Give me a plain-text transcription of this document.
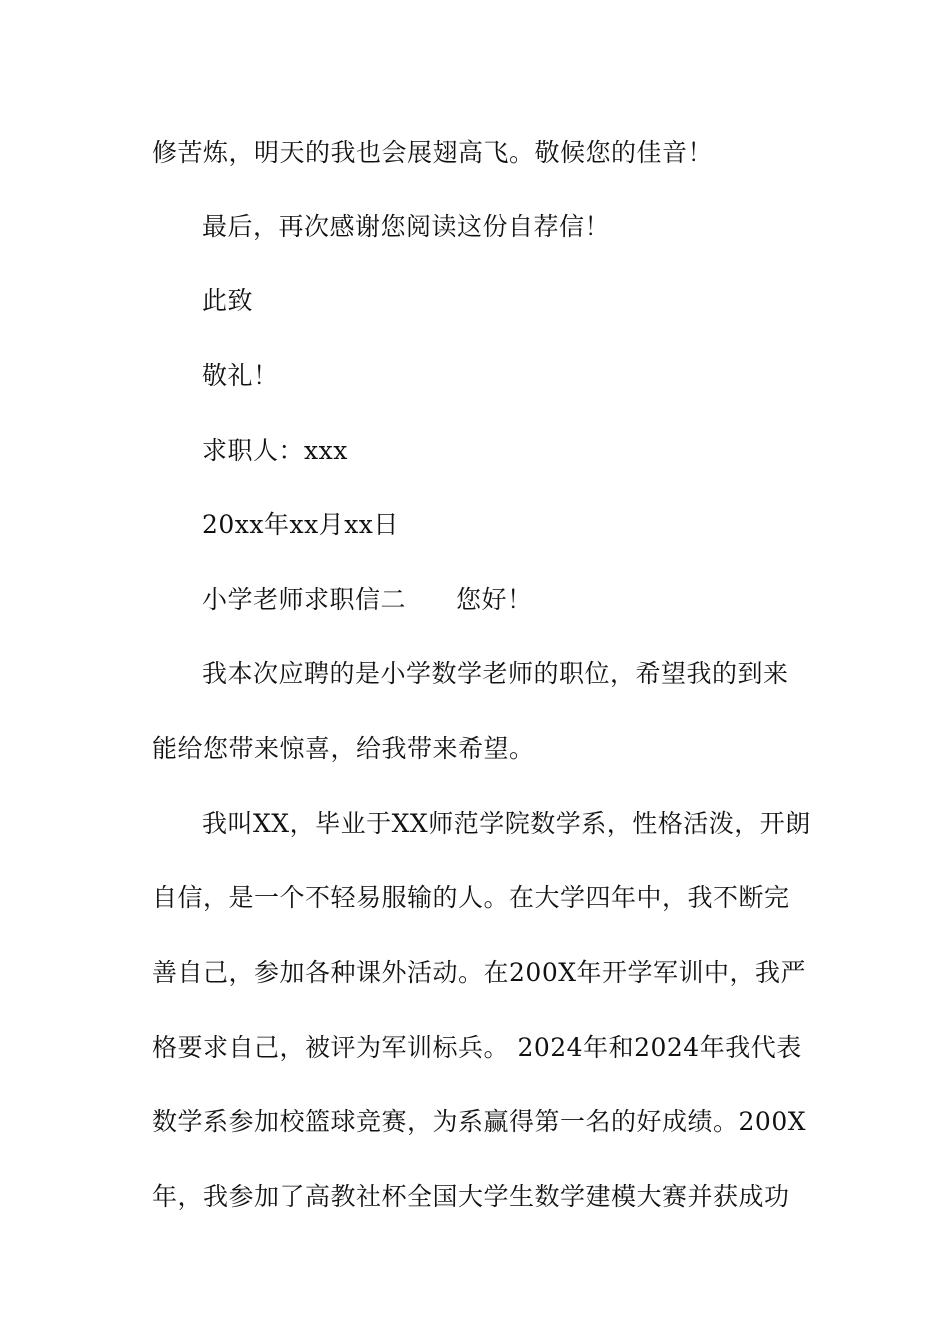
修苦炼，明天的我也会展翅高飞。敬候您的佳音！
最后，再次感谢您阅读这份自荐信！
此致
敬礼！
求职人：xxx
20xx年xx月xx日
小学老师求职信二 您好！
我本次应聘的是小学数学老师的职位，希望我的到来
能给您带来惊喜，给我带来希望。
我叫XX，毕业于XX师范学院数学系，性格活泼，开朗
自信，是一个不轻易服输的人。在大学四年中，我不断完
善自己，参加各种课外活动。在200X年开学军训中，我严
格要求自己，被评为军训标兵。 2024年和2024年我代表
数学系参加校篮球竞赛，为系赢得第一名的好成绩。200X
年，我参加了高教社杯全国大学生数学建模大赛并获成功
